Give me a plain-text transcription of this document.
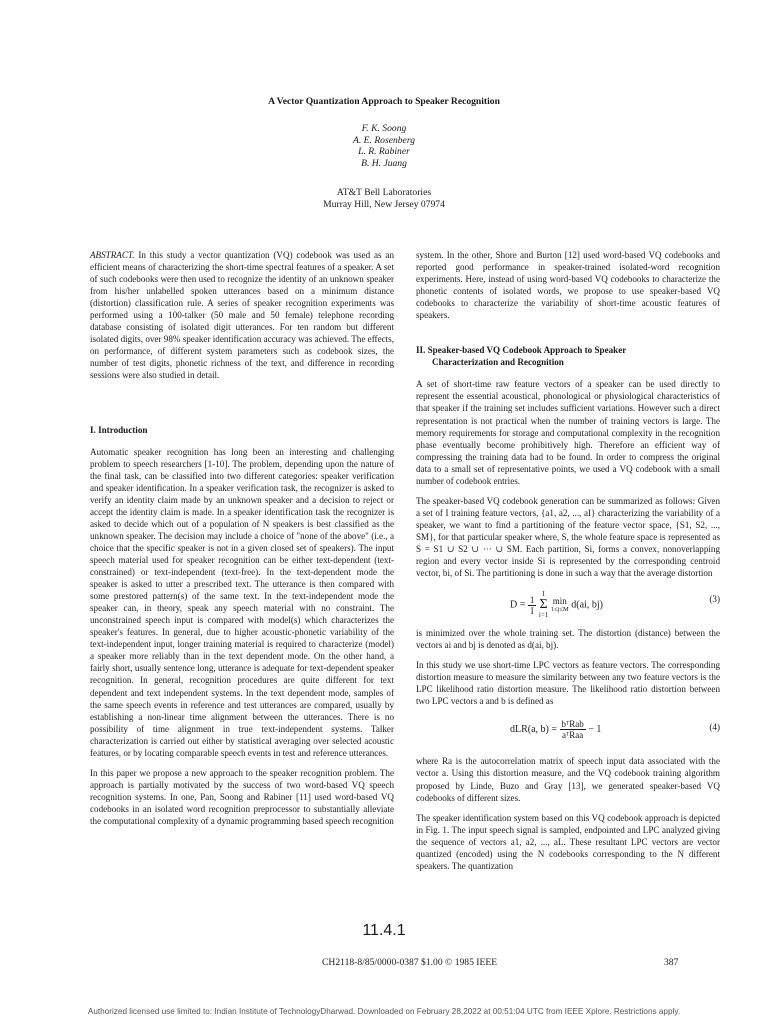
A Vector Quantization Approach to Speaker Recognition
F. K. Soong
A. E. Rosenberg
L. R. Rabiner
B. H. Juang
AT&T Bell Laboratories
Murray Hill, New Jersey 07974

ABSTRACT. In this study a vector quantization (VQ) codebook was used as an efficient means of characterizing the short-time spectral features of a speaker. A set of such codebooks were then used to recognize the identity of an unknown speaker from his/her unlabelled spoken utterances based on a minimum distance (distortion) classification rule. A series of speaker recognition experiments was performed using a 100-talker (50 male and 50 female) telephone recording database consisting of isolated digit utterances. For ten random but different isolated digits, over 98% speaker identification accuracy was achieved. The effects, on performance, of different system parameters such as codebook sizes, the number of test digits, phonetic richness of the text, and difference in recording sessions were also studied in detail.

I. Introduction

Automatic speaker recognition has long been an interesting and challenging problem to speech researchers [1-10]. The problem, depending upon the nature of the final task, can be classified into two different categories: speaker verification and speaker identification. In a speaker verification task, the recognizer is asked to verify an identity claim made by an unknown speaker and a decision to reject or accept the identity claim is made. In a speaker identification task the recognizer is asked to decide which out of a population of N speakers is best classified as the unknown speaker. The decision may include a choice of "none of the above" (i.e., a choice that the specific speaker is not in a given closed set of speakers). The input speech material used for speaker recognition can be either text-dependent (text-constrained) or text-independent (text-free). In the text-dependent mode the speaker is asked to utter a prescribed text. The utterance is then compared with some prestored pattern(s) of the same text. In the text-independent mode the speaker can, in theory, speak any speech material with no constraint. The unconstrained speech input is compared with model(s) which characterizes the speaker's features. In general, due to higher acoustic-phonetic variability of the text-independent input, longer training material is required to characterize (model) a speaker more reliably than in the text dependent mode. On the other hand, a fairly short, usually sentence long, utterance is adequate for text-dependent speaker recognition. In general, recognition procedures are quite different for text dependent and text independent systems. In the text dependent mode, samples of the same speech events in reference and test utterances are compared, usually by establishing a non-linear time alignment between the utterances. There is no possibility of time alignment in true text-independent systems. Talker characterization is carried out either by statistical averaging over selected acoustic features, or by locating comparable speech events in test and reference utterances.

In this paper we propose a new approach to the speaker recognition problem. The approach is partially motivated by the success of two word-based VQ speech recognition systems. In one, Pan, Soong and Rabiner [11] used word-based VQ codebooks in an isolated word recognition preprocessor to substantially alleviate the computational complexity of a dynamic programming based speech recognition

system. In the other, Shore and Burton [12] used word-based VQ codebooks and reported good performance in speaker-trained isolated-word recognition experiments. Here, instead of using word-based VQ codebooks to characterize the phonetic contents of isolated words, we propose to use speaker-based VQ codebooks to characterize the variability of short-time acoustic features of speakers.

II. Speaker-based VQ Codebook Approach to Speaker
Characterization and Recognition

A set of short-time raw feature vectors of a speaker can be used directly to represent the essential acoustical, phonological or physiological characteristics of that speaker if the training set includes sufficient variations. However such a direct representation is not practical when the number of training vectors is large. The memory requirements for storage and computational complexity in the recognition phase eventually become prohibitively high. Therefore an efficient way of compressing the training data had to be found. In order to compress the original data to a small set of representative points, we used a VQ codebook with a small number of codebook entries.

The speaker-based VQ codebook generation can be summarized as follows: Given a set of I training feature vectors, {a1, a2, ..., aI} characterizing the variability of a speaker, we want to find a partitioning of the feature vector space, {S1, S2, ..., SM}, for that particular speaker where, S, the whole feature space is represented as S = S1 ∪ S2 ∪ ··· ∪ SM. Each partition, Si, forms a convex, nonoverlapping region and every vector inside Si is represented by the corresponding centroid vector, bi, of Si. The partitioning is done in such a way that the average distortion

$D = \frac{1}{I}$
I
Σ
i=1 min
1≤j≤M d(ai, bj)
(3)

is minimized over the whole training set. The distortion (distance) between the vectors ai and bj is denoted as d(ai, bj).

In this study we use short-time LPC vectors as feature vectors. The corresponding distortion measure to measure the similarity between any two feature vectors is the LPC likelihood ratio distortion measure. The likelihood ratio distortion between two LPC vectors a and b is defined as

dLR(a, $b) = \frac{\text{bᵀRab}}{\text{aᵀRaa}} - 1$	(4)

where Ra is the autocorrelation matrix of speech input data associated with the vector a. Using this distortion measure, and the VQ codebook training algorithm proposed by Linde, Buzo and Gray [13], we generated speaker-based VQ codebooks of different sizes.

The speaker identification system based on this VQ codebook approach is depicted in Fig. 1. The input speech signal is sampled, endpointed and LPC analyzed giving the sequence of vectors a1, a2, ..., aL. These resultant LPC vectors are vector quantized (encoded) using the N codebooks corresponding to the N different speakers. The quantization

11.4.1
CH2118-8/85/0000-0387 $1.00 © 1985 IEEE	387
Authorized licensed use limited to: Indian Institute of TechnologyDharwad. Downloaded on February 28,2022 at 00:51:04 UTC from IEEE Xplore. Restrictions apply.
